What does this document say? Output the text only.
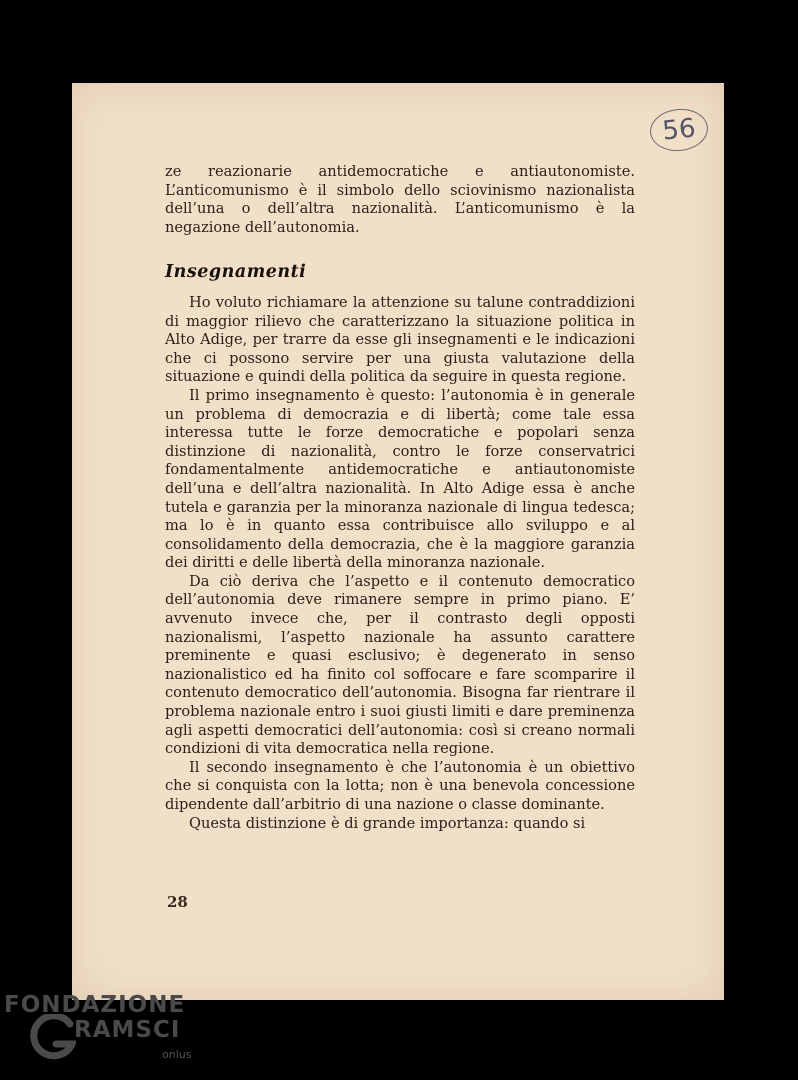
56

ze reazionarie antidemocratiche e antiautonomiste. L’anticomunismo è il simbolo dello sciovinismo nazionalista dell’una o dell’altra nazionalità. L’anticomunismo è la negazione dell’autonomia.

Insegnamenti

Ho voluto richiamare la attenzione su talune contraddizioni di maggior rilievo che caratterizzano la situazione politica in Alto Adige, per trarre da esse gli insegnamenti e le indicazioni che ci possono servire per una giusta valutazione della situazione e quindi della politica da seguire in questa regione.

Il primo insegnamento è questo: l’autonomia è in generale un problema di democrazia e di libertà; come tale essa interessa tutte le forze democratiche e popolari senza distinzione di nazionalità, contro le forze conservatrici fondamentalmente antidemocratiche e antiautonomiste dell’una e dell’altra nazionalità. In Alto Adige essa è anche tutela e garanzia per la minoranza nazionale di lingua tedesca; ma lo è in quanto essa contribuisce allo sviluppo e al consolidamento della democrazia, che è la maggiore garanzia dei diritti e delle libertà della minoranza nazionale.

Da ciò deriva che l’aspetto e il contenuto democratico dell’autonomia deve rimanere sempre in primo piano. E’ avvenuto invece che, per il contrasto degli opposti nazionalismi, l’aspetto nazionale ha assunto carattere preminente e quasi esclusivo; è degenerato in senso nazionalistico ed ha finito col soffocare e fare scomparire il contenuto democratico dell’autonomia. Bisogna far rientrare il problema nazionale entro i suoi giusti limiti e dare preminenza agli aspetti democratici dell’autonomia: così si creano normali condizioni di vita democratica nella regione.

Il secondo insegnamento è che l’autonomia è un obiettivo che si conquista con la lotta; non è una benevola concessione dipendente dall’arbitrio di una nazione o classe dominante.

Questa distinzione è di grande importanza: quando si

28
FONDAZIONE
RAMSCI
onlus
